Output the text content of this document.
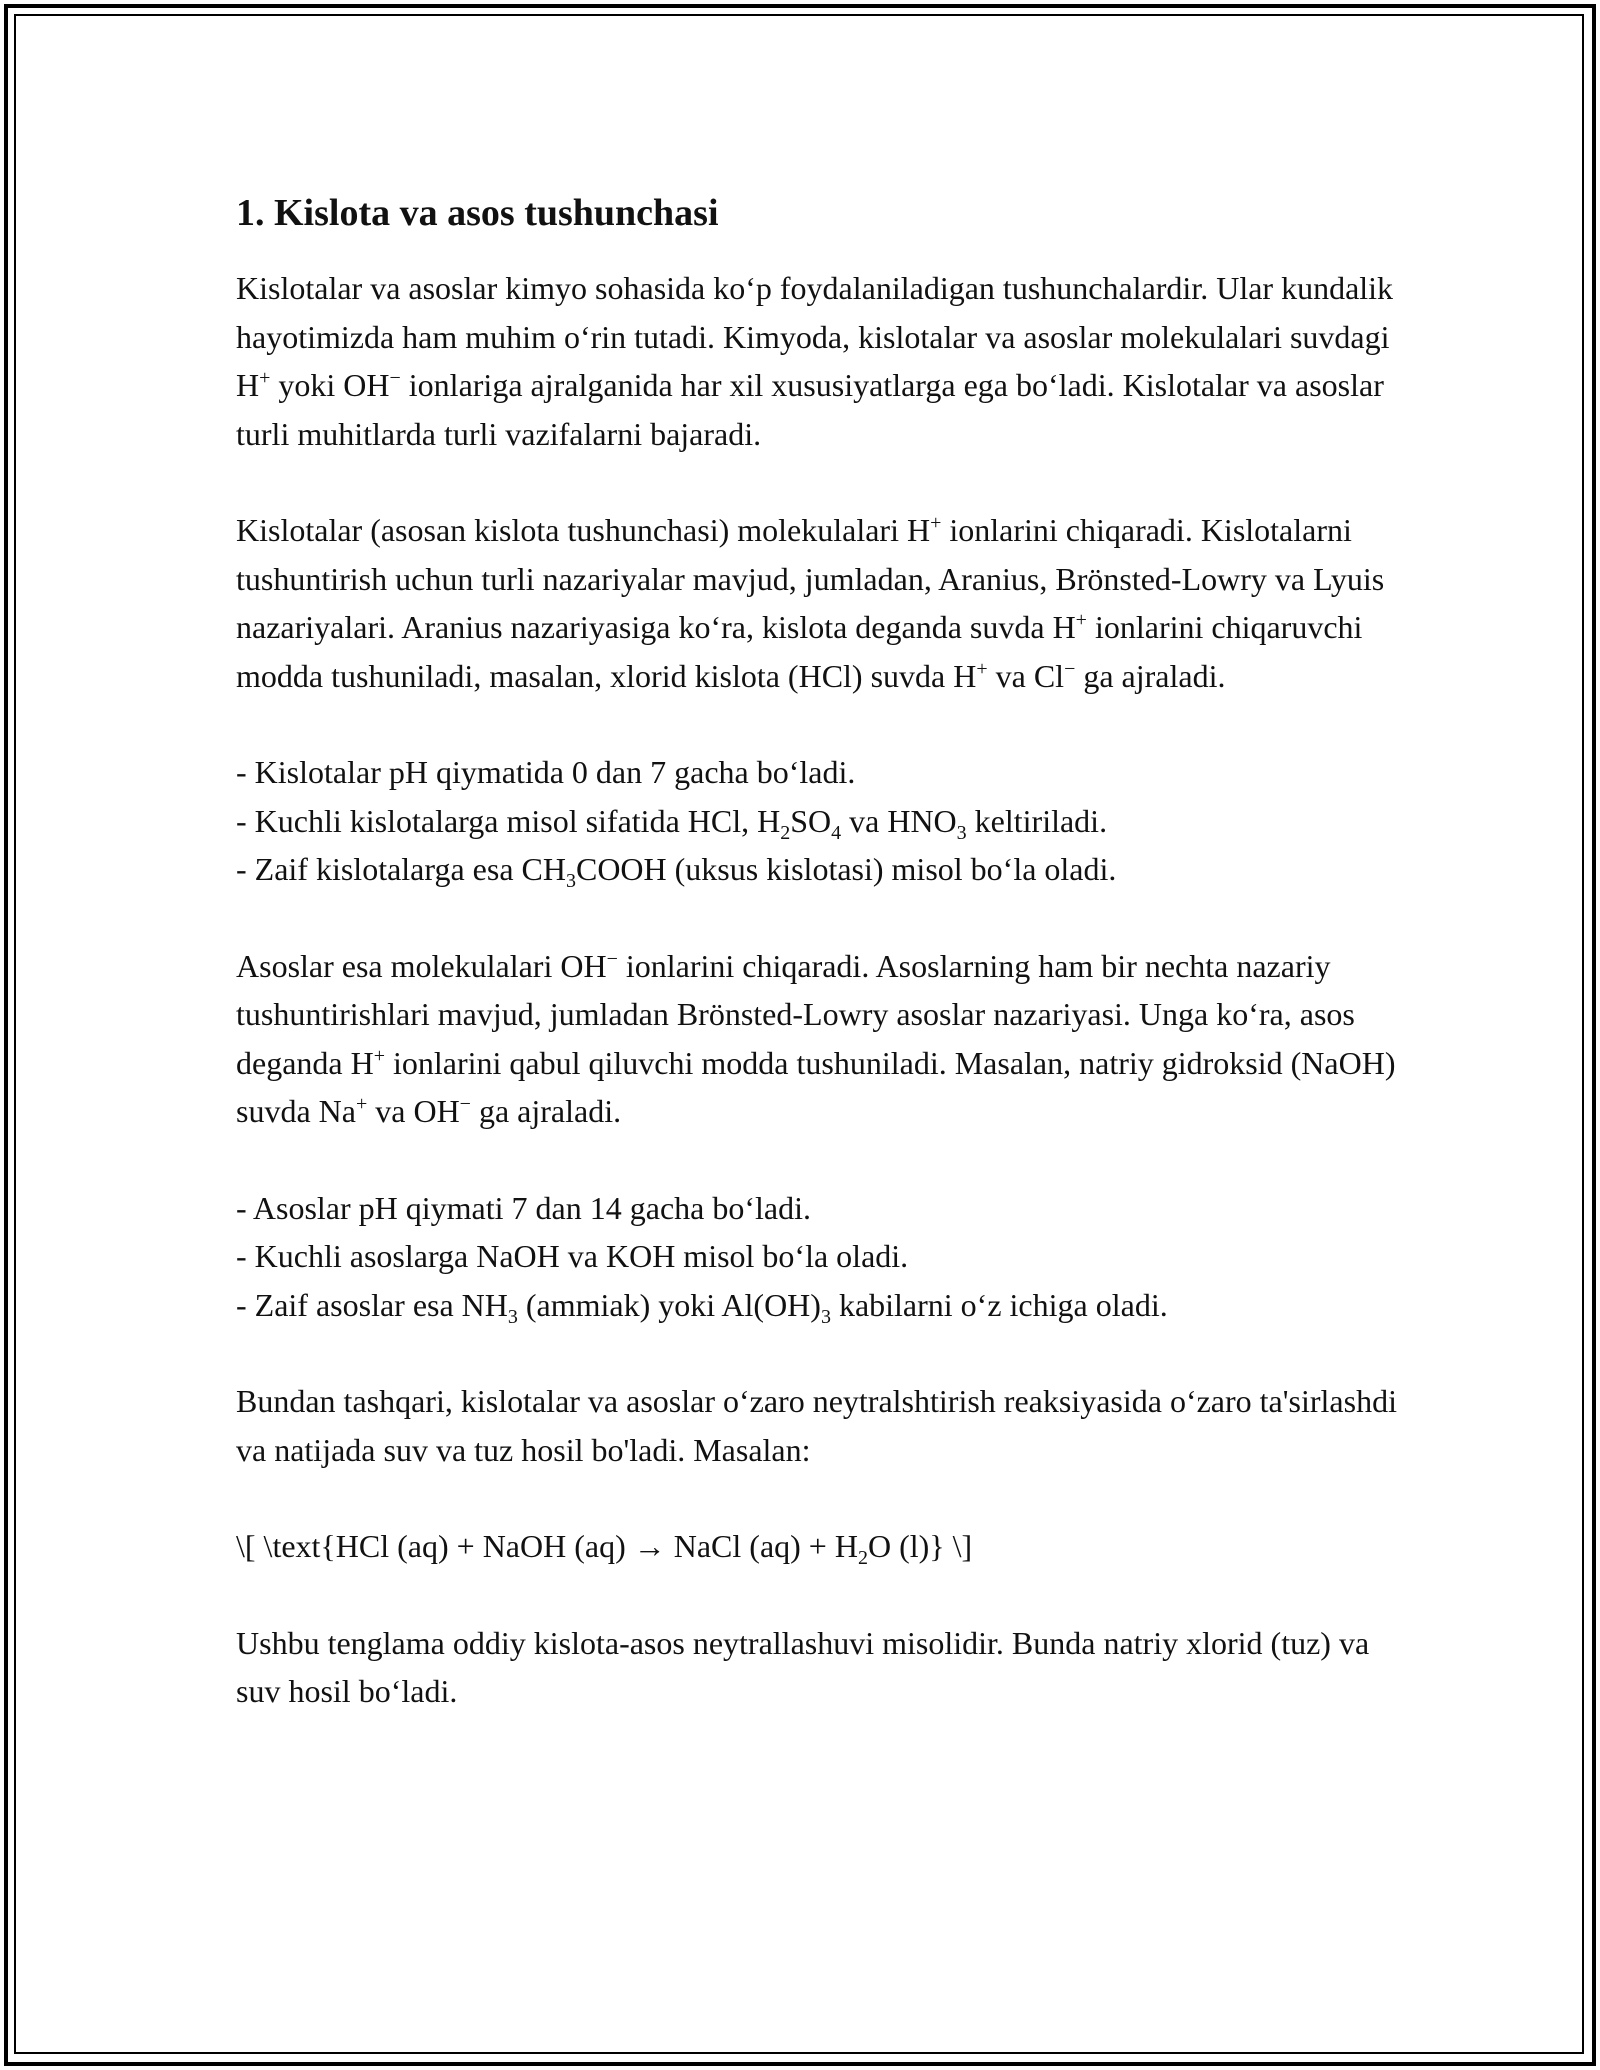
1. Kislota va asos tushunchasi

Kislotalar va asoslar kimyo sohasida ko‘p foydalaniladigan tushunchalardir. Ular kundalik hayotimizda ham muhim o‘rin tutadi. Kimyoda, kislotalar va asoslar molekulalari suvdagi H+ yoki OH− ionlariga ajralganida har xil xususiyatlarga ega bo‘ladi. Kislotalar va asoslar turli muhitlarda turli vazifalarni bajaradi.

Kislotalar (asosan kislota tushunchasi) molekulalari H+ ionlarini chiqaradi. Kislotalarni tushuntirish uchun turli nazariyalar mavjud, jumladan, Aranius, Brönsted-Lowry va Lyuis nazariyalari. Aranius nazariyasiga ko‘ra, kislota deganda suvda H+ ionlarini chiqaruvchi modda tushuniladi, masalan, xlorid kislota (HCl) suvda H+ va Cl− ga ajraladi.

- Kislotalar pH qiymatida 0 dan 7 gacha bo‘ladi.
- Kuchli kislotalarga misol sifatida HCl, $H_2SO_4$ va $HNO_3$ keltiriladi.
- Zaif kislotalarga esa $CH_3COOH$ (uksus kislotasi) misol bo‘la oladi.

Asoslar esa molekulalari OH− ionlarini chiqaradi. Asoslarning ham bir nechta nazariy tushuntirishlari mavjud, jumladan Brönsted-Lowry asoslar nazariyasi. Unga ko‘ra, asos deganda H+ ionlarini qabul qiluvchi modda tushuniladi. Masalan, natriy gidroksid (NaOH) suvda Na+ va OH− ga ajraladi.

- Asoslar pH qiymati 7 dan 14 gacha bo‘ladi.
- Kuchli asoslarga NaOH va KOH misol bo‘la oladi.
- Zaif asoslar esa $NH_3$ (ammiak) yoki $Al(OH)_3$ kabilarni o‘z ichiga oladi.

Bundan tashqari, kislotalar va asoslar o‘zaro neytralshtirish reaksiyasida o‘zaro ta'sirlashdi va natijada suv va tuz hosil bo'ladi. Masalan:

\[ \text{HCl (aq) + NaOH (aq) → NaCl $(aq) + H_2O$ (l)} \]

Ushbu tenglama oddiy kislota-asos neytrallashuvi misolidir. Bunda natriy xlorid (tuz) va suv hosil bo‘ladi.
